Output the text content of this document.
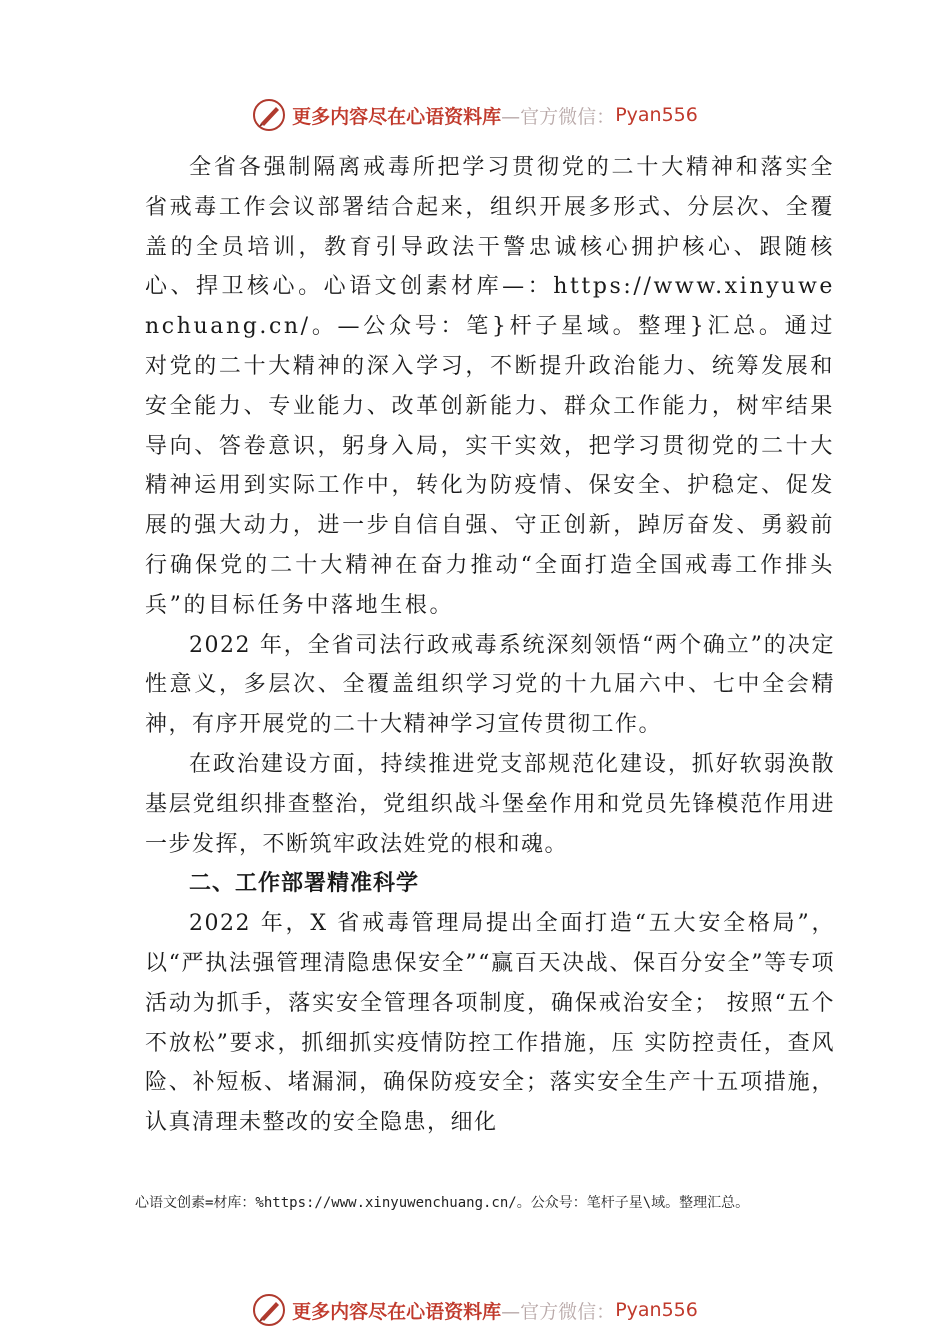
更多内容尽在心语资料库 —官方微信： Pyan556

全省各强制隔离戒毒所把学习贯彻党的二十大精神和落实全省戒毒工作会议部署结合起来，组织开展多形式、分层次、全覆盖的全员培训，教育引导政法干警忠诚核心拥护核心、跟随核心、捍卫核心。心语文创素材库—：https://www.xinyuwenchuang.cn/。—公众号：笔}杆子星域。整理}汇总。通过对党的二十大精神的深入学习，不断提升政治能力、统筹发展和安全能力、专业能力、改革创新能力、群众工作能力，树牢结果导向、答卷意识，躬身入局，实干实效，把学习贯彻党的二十大精神运用到实际工作中，转化为防疫情、保安全、护稳定、促发展的强大动力，进一步自信自强、守正创新，踔厉奋发、勇毅前行确保党的二十大精神在奋力推动“全面打造全国戒毒工作排头兵”的目标任务中落地生根。

2022 年，全省司法行政戒毒系统深刻领悟“两个确立”的决定性意义，多层次、全覆盖组织学习党的十九届六中、七中全会精神，有序开展党的二十大精神学习宣传贯彻工作。

在政治建设方面，持续推进党支部规范化建设，抓好软弱涣散基层党组织排查整治，党组织战斗堡垒作用和党员先锋模范作用进一步发挥，不断筑牢政法姓党的根和魂。

二、工作部署精准科学

2022 年，X 省戒毒管理局提出全面打造“五大安全格局”，以“严执法强管理清隐患保安全”“赢百天决战、保百分安全”等专项活动为抓手，落实安全管理各项制度，确保戒治安全； 按照“五个不放松”要求，抓细抓实疫情防控工作措施，压 实防控责任，查风险、补短板、堵漏洞，确保防疫安全；落实安全生产十五项措施，认真清理未整改的安全隐患，细化

心语文创素=材库：%https://www.xinyuwenchuang.cn/。公众号：笔杆子星\域。整理汇总。
更多内容尽在心语资料库 —官方微信： Pyan556
